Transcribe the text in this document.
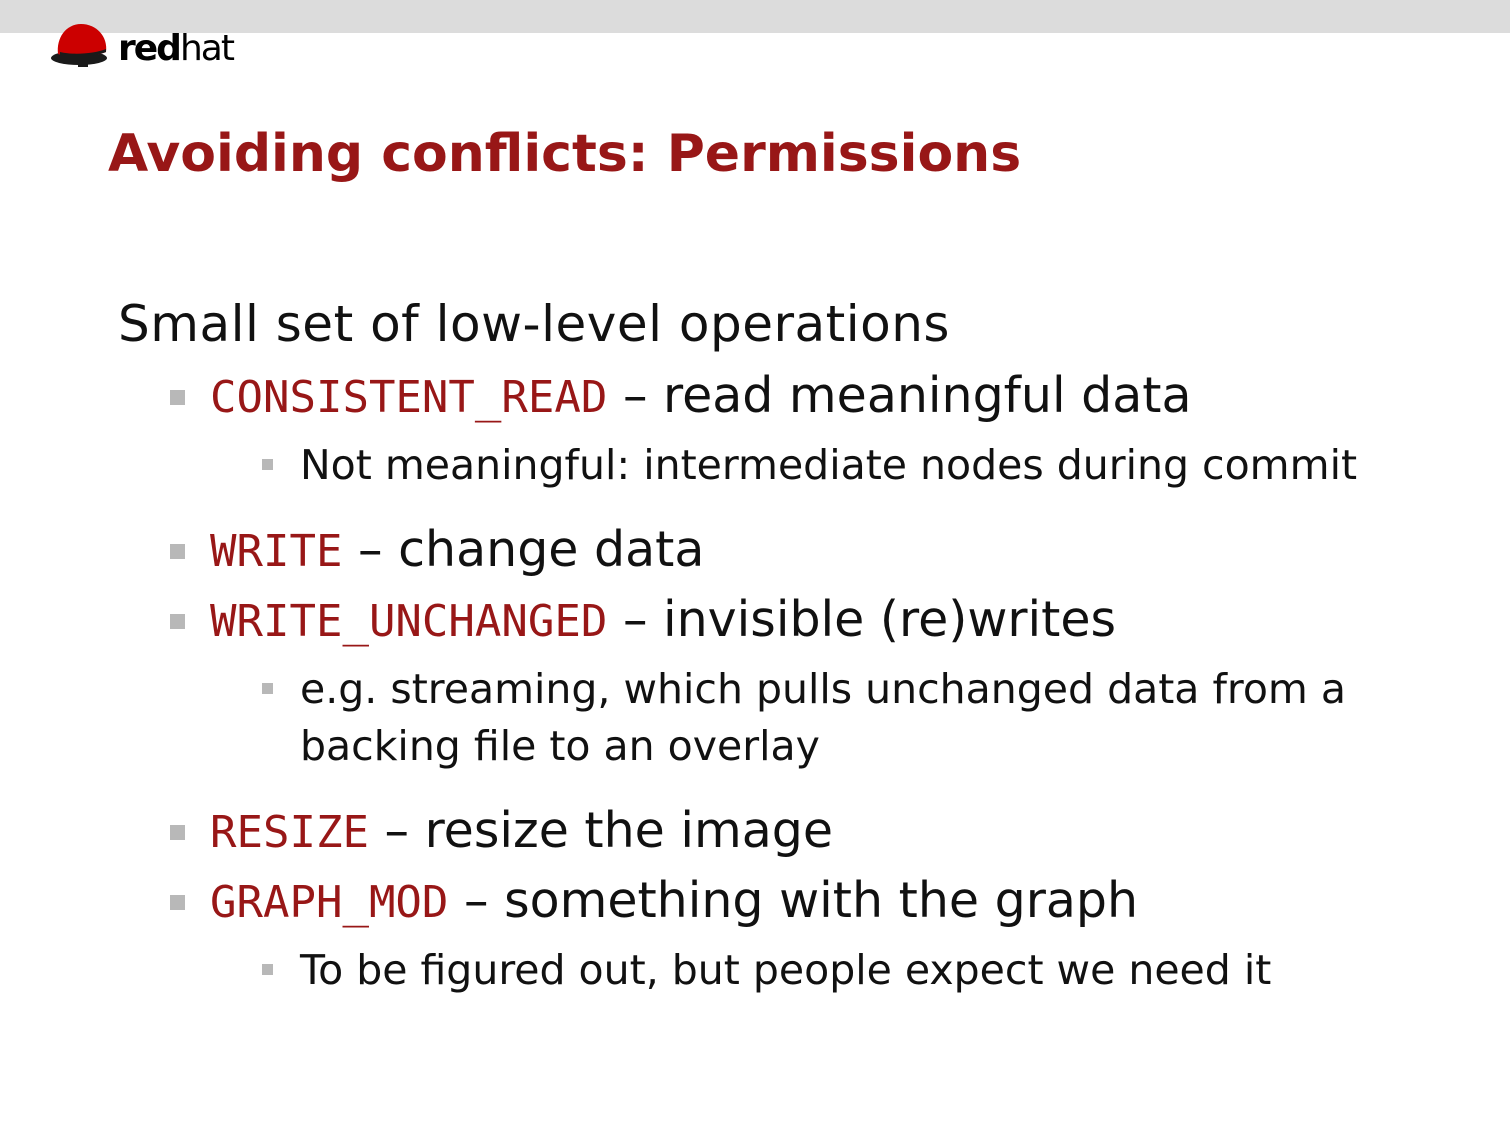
redhat
Avoiding conflicts: Permissions
Small set of low-level operations
CONSISTENT_READ – read meaningful data
Not meaningful: intermediate nodes during commit
WRITE – change data
WRITE_UNCHANGED – invisible (re)writes
e.g. streaming, which pulls unchanged data from a
backing file to an overlay
RESIZE – resize the image
GRAPH_MOD – something with the graph
To be figured out, but people expect we need it
